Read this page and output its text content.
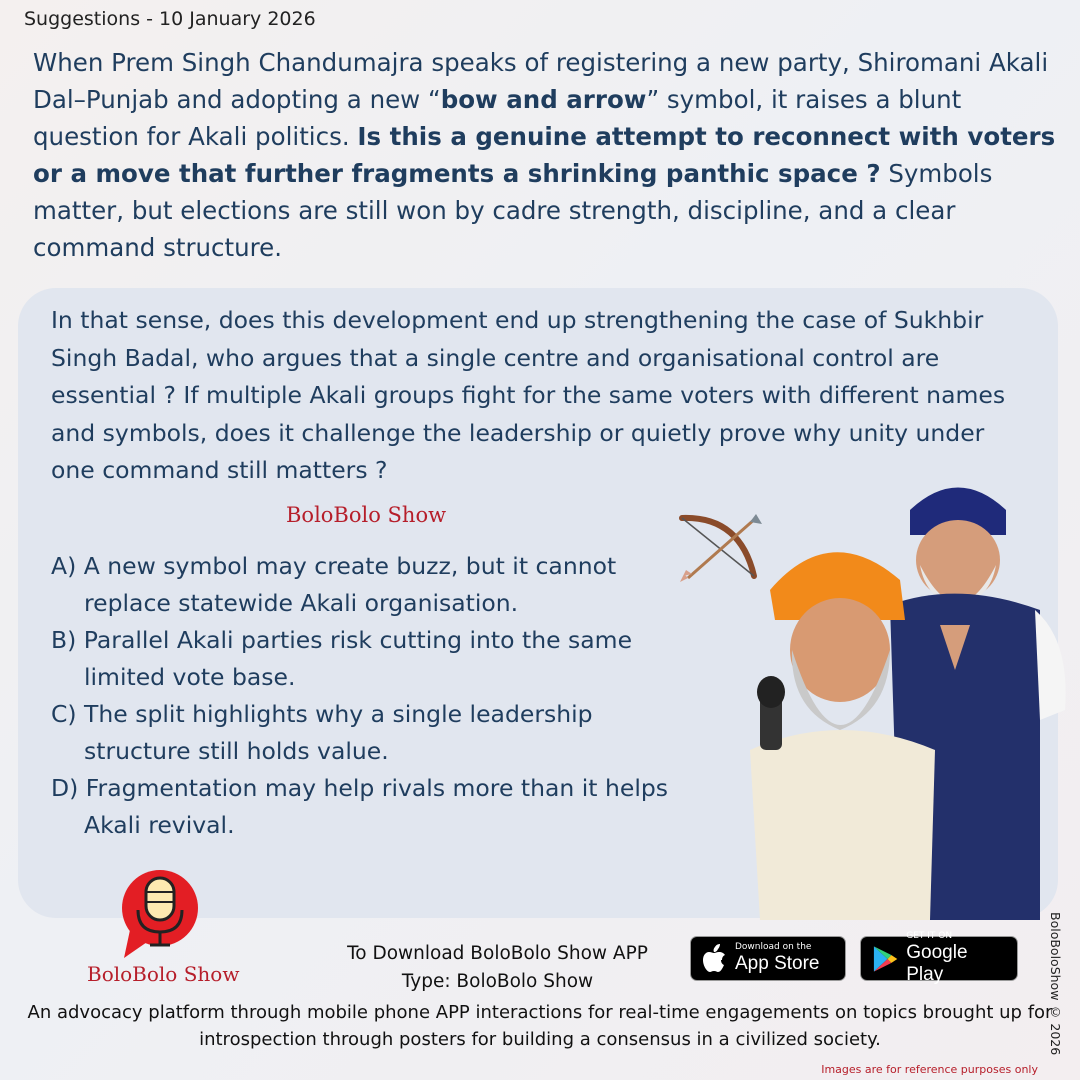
Suggestions - 10 January 2026
When Prem Singh Chandumajra speaks of registering a new party, Shiromani Akali Dal–Punjab and adopting a new “bow and arrow” symbol, it raises a blunt question for Akali politics. Is this a genuine attempt to reconnect with voters or a move that further fragments a shrinking panthic space ? Symbols matter, but elections are still won by cadre strength, discipline, and a clear command structure.
In that sense, does this development end up strengthening the case of Sukhbir Singh Badal, who argues that a single centre and organisational control are essential ? If multiple Akali groups fight for the same voters with different names and symbols, does it challenge the leadership or quietly prove why unity under one command still matters ?
BoloBolo Show
A) A new symbol may create buzz, but it cannot replace statewide Akali organisation.
B) Parallel Akali parties risk cutting into the same limited vote base.
C) The split highlights why a single leadership structure still holds value.
D) Fragmentation may help rivals more than it helps Akali revival.
BoloBolo Show
To Download BoloBolo Show APP
Type: BoloBolo Show
Download on the
App Store
GET IT ON
Google Play
An advocacy platform through mobile phone APP interactions for real-time engagements on topics brought up for introspection through posters for building a consensus in a civilized society.	BoloBoloShow © 2026
Images are for reference purposes only
